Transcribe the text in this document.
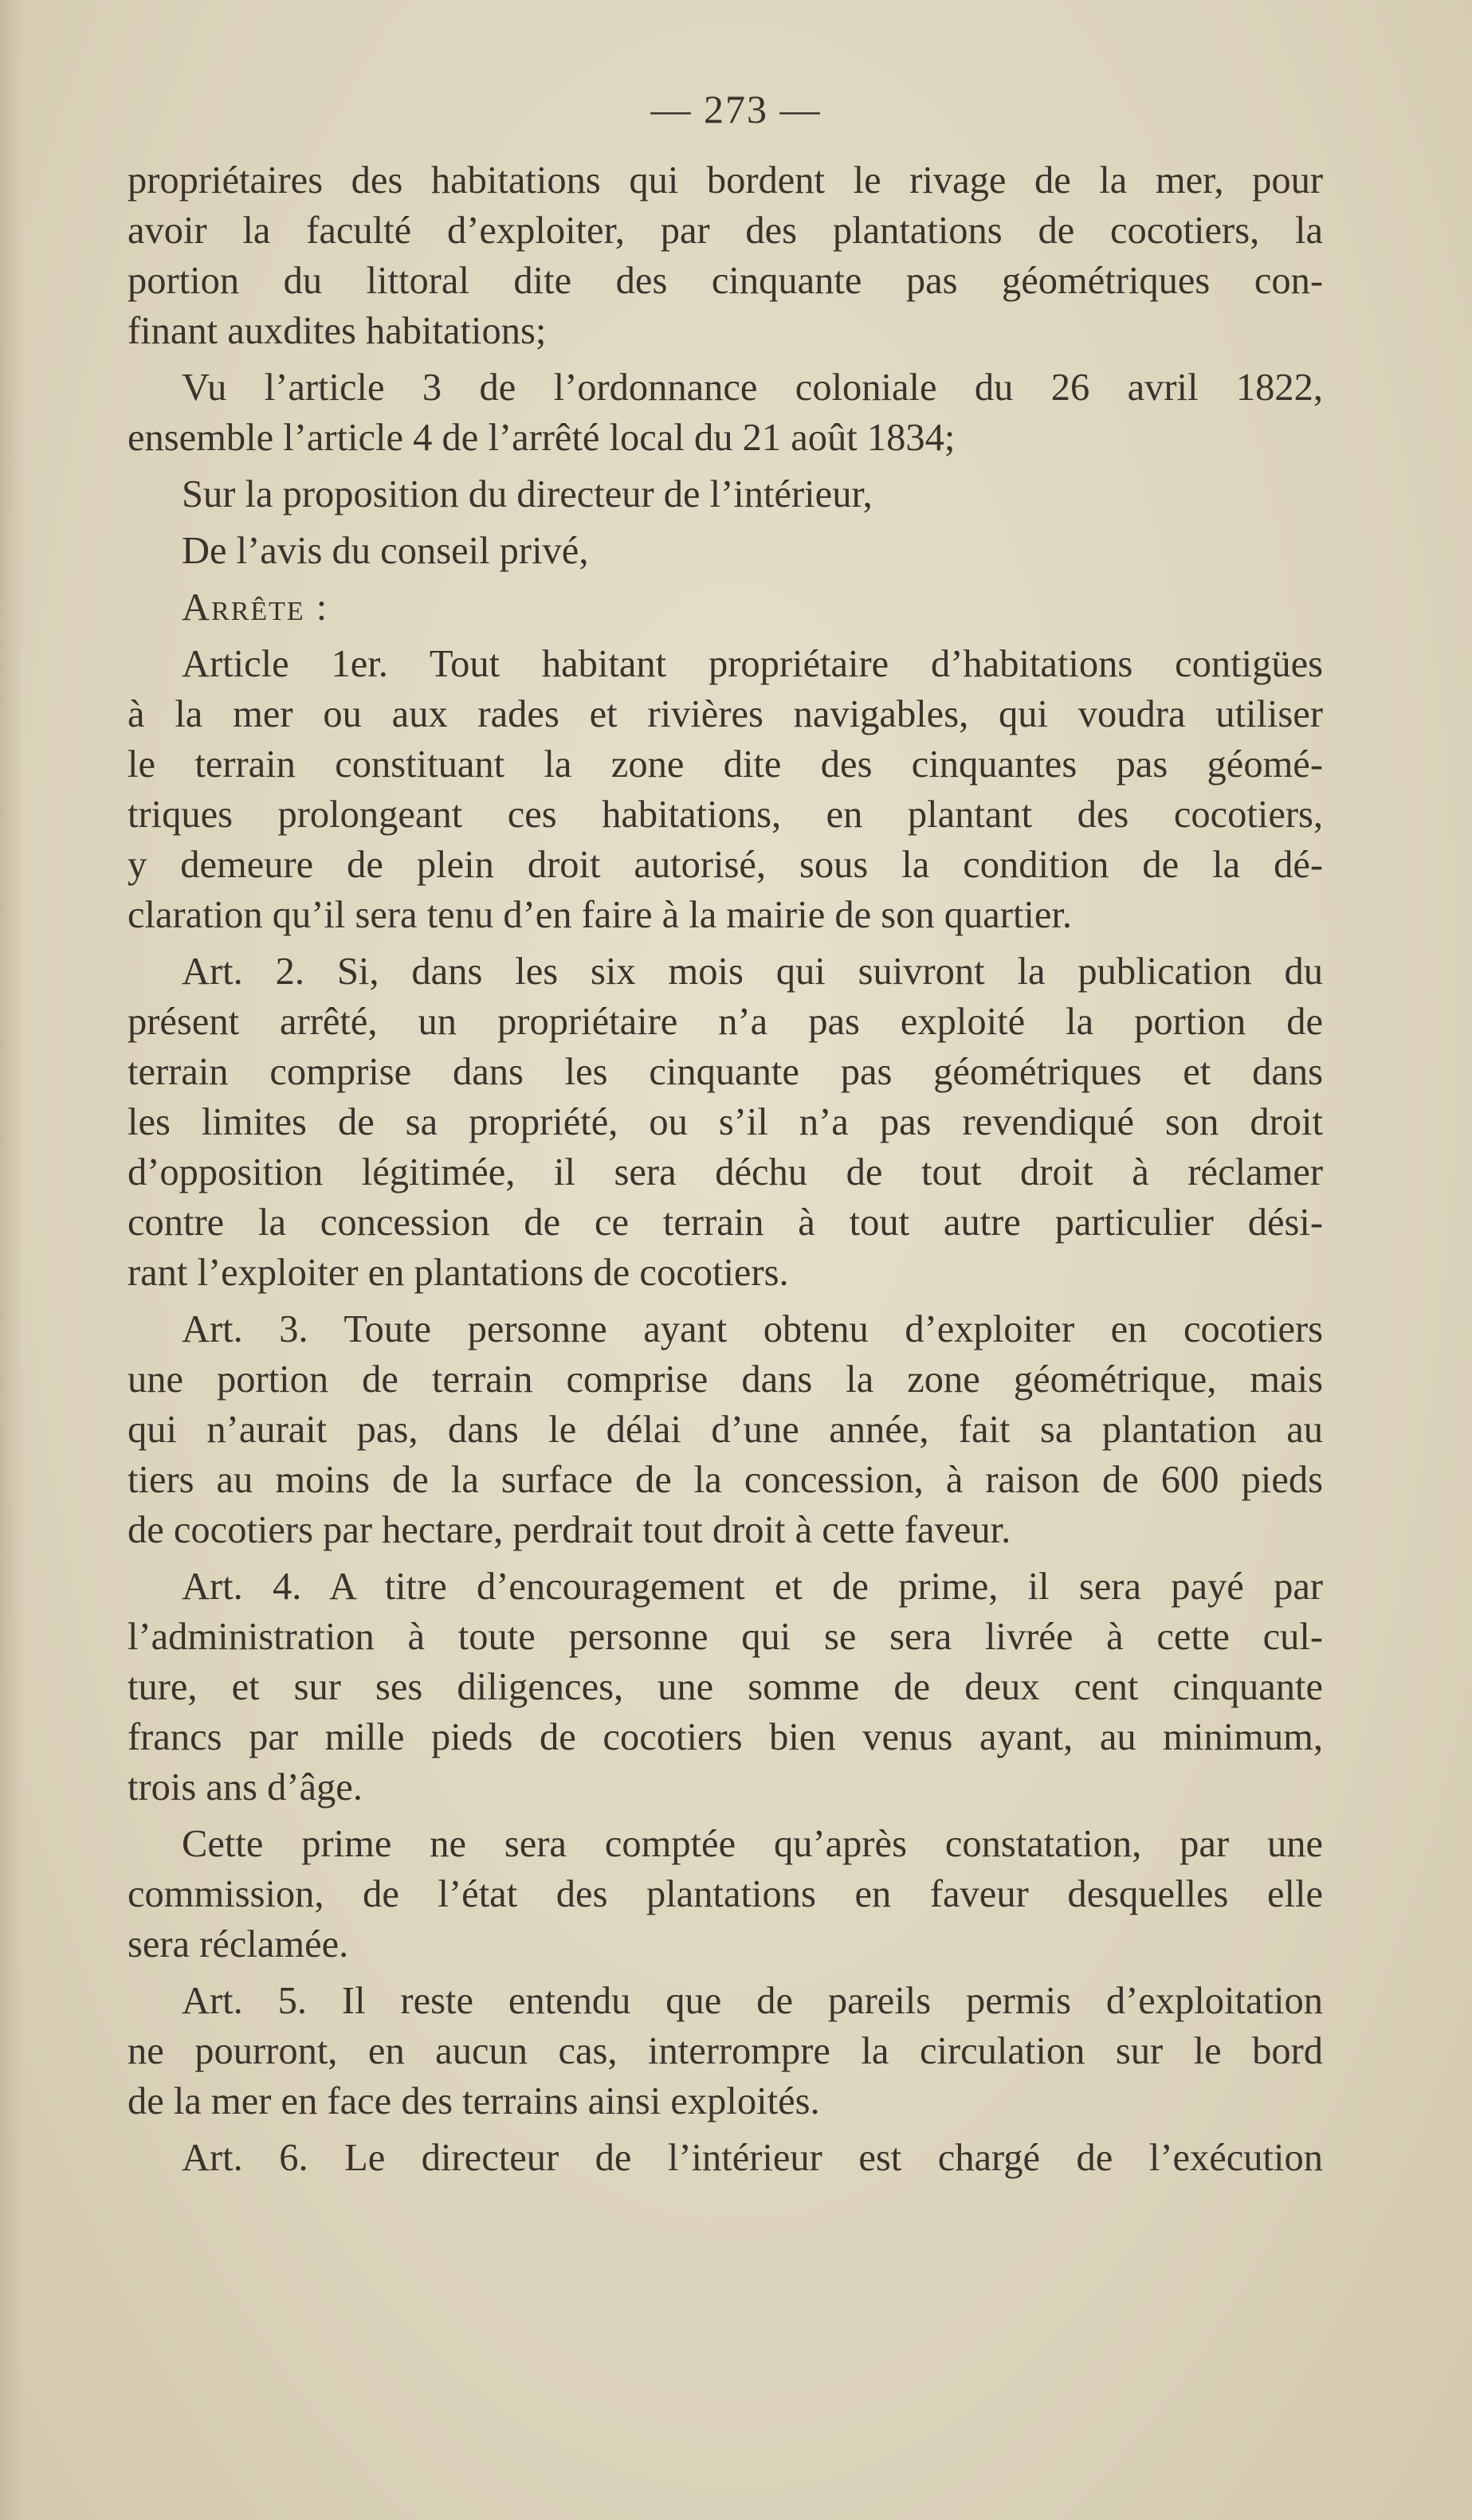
— 273 —
propriétaires des habitations qui bordent le rivage de la mer, pour
avoir la faculté d’exploiter, par des plantations de cocotiers, la
portion du littoral dite des cinquante pas géométriques con-
finant auxdites habitations;
Vu l’article 3 de l’ordonnance coloniale du 26 avril 1822,
ensemble l’article 4 de l’arrêté local du 21 août 1834;
Sur la proposition du directeur de l’intérieur,
De l’avis du conseil privé,
Arrête :
Article 1er. Tout habitant propriétaire d’habitations contigües
à la mer ou aux rades et rivières navigables, qui voudra utiliser
le terrain constituant la zone dite des cinquantes pas géomé-
triques prolongeant ces habitations, en plantant des cocotiers,
y demeure de plein droit autorisé, sous la condition de la dé-
claration qu’il sera tenu d’en faire à la mairie de son quartier.
Art. 2. Si, dans les six mois qui suivront la publication du
présent arrêté, un propriétaire n’a pas exploité la portion de
terrain comprise dans les cinquante pas géométriques et dans
les limites de sa propriété, ou s’il n’a pas revendiqué son droit
d’opposition légitimée, il sera déchu de tout droit à réclamer
contre la concession de ce terrain à tout autre particulier dési-
rant l’exploiter en plantations de cocotiers.
Art. 3. Toute personne ayant obtenu d’exploiter en cocotiers
une portion de terrain comprise dans la zone géométrique, mais
qui n’aurait pas, dans le délai d’une année, fait sa plantation au
tiers au moins de la surface de la concession, à raison de 600 pieds
de cocotiers par hectare, perdrait tout droit à cette faveur.
Art. 4. A titre d’encouragement et de prime, il sera payé par
l’administration à toute personne qui se sera livrée à cette cul-
ture, et sur ses diligences, une somme de deux cent cinquante
francs par mille pieds de cocotiers bien venus ayant, au minimum,
trois ans d’âge.
Cette prime ne sera comptée qu’après constatation, par une
commission, de l’état des plantations en faveur desquelles elle
sera réclamée.
Art. 5. Il reste entendu que de pareils permis d’exploitation
ne pourront, en aucun cas, interrompre la circulation sur le bord
de la mer en face des terrains ainsi exploités.
Art. 6. Le directeur de l’intérieur est chargé de l’exécution
